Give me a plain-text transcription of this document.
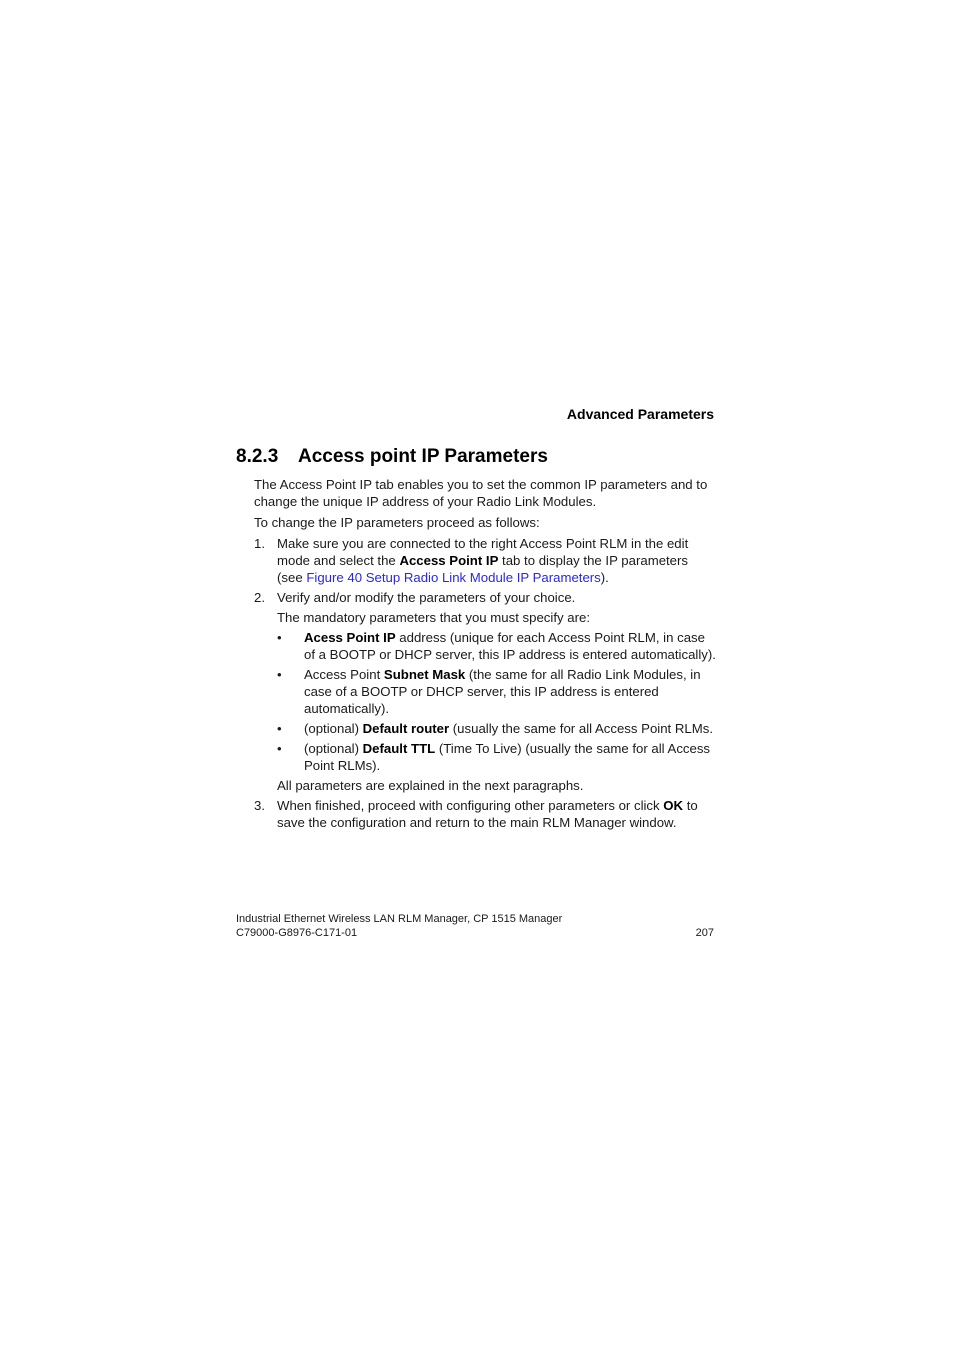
Advanced Parameters
8.2.3 Access point IP Parameters

The Access Point IP tab enables you to set the common IP parameters and to change the unique IP address of your Radio Link Modules.

To change the IP parameters proceed as follows:

1. Make sure you are connected to the right Access Point RLM in the edit mode and select the Access Point IP tab to display the IP parameters (see Figure 40 Setup Radio Link Module IP Parameters).

2. Verify and/or modify the parameters of your choice.

The mandatory parameters that you must specify are:

• Acess Point IP address (unique for each Access Point RLM, in case of a BOOTP or DHCP server, this IP address is entered automatically).
• Access Point Subnet Mask (the same for all Radio Link Modules, in case of a BOOTP or DHCP server, this IP address is entered automatically).
• (optional) Default router (usually the same for all Access Point RLMs.
• (optional) Default TTL (Time To Live) (usually the same for all Access Point RLMs).

All parameters are explained in the next paragraphs.

3. When finished, proceed with configuring other parameters or click OK to save the configuration and return to the main RLM Manager window.

Industrial Ethernet Wireless LAN RLM Manager, CP 1515 Manager
C79000-G8976-C171-01	207
